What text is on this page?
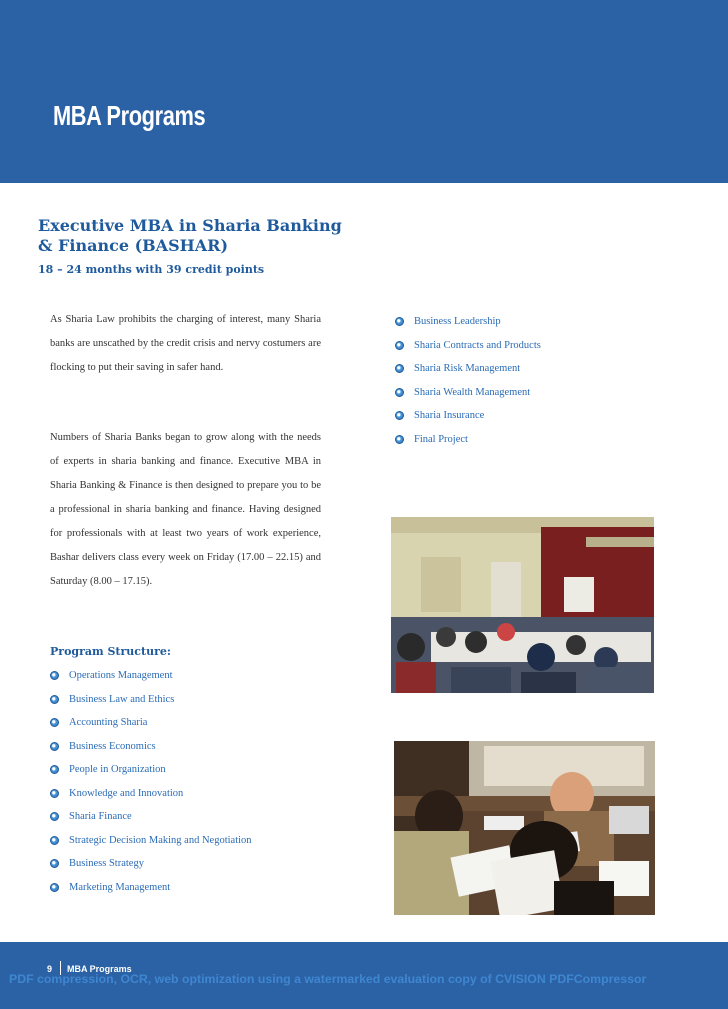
MBA Programs
Executive MBA in Sharia Banking & Finance (BASHAR)
18 – 24 months with 39 credit points

As Sharia Law prohibits the charging of interest, many Sharia banks are unscathed by the credit crisis and nervy costumers are flocking to put their saving in safer hand.

Numbers of Sharia Banks began to grow along with the needs of experts in sharia banking and finance. Executive MBA in Sharia Banking & Finance is then designed to prepare you to be a professional in sharia banking and finance. Having designed for professionals with at least two years of work experience, Bashar delivers class every week on Friday (17.00 – 22.15) and Saturday (8.00 – 17.15).

Program Structure:
Operations Management
Business Law and Ethics
Accounting Sharia
Business Economics
People in Organization
Knowledge and Innovation
Sharia Finance
Strategic Decision Making and Negotiation
Business Strategy
Marketing Management
Business Leadership
Sharia Contracts and Products
Sharia Risk Management
Sharia Wealth Management
Sharia Insurance
Final Project
9 MBA Programs
PDF compression, OCR, web optimization using a watermarked evaluation copy of CVISION PDFCompressor
